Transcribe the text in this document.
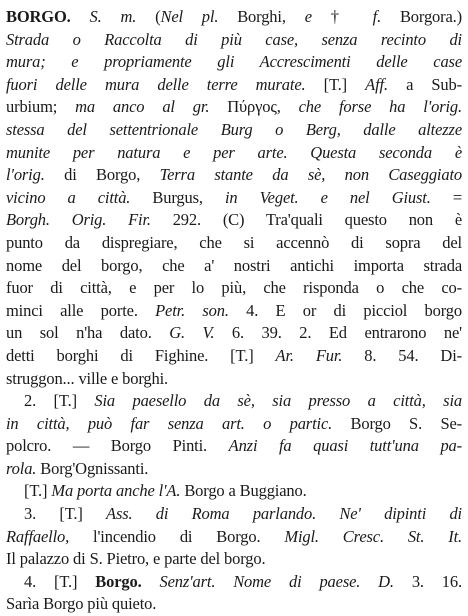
BORGO. S. m. (Nel pl. Borghi, e † f. Borgora.)
Strada o Raccolta di più case, senza recinto di
mura; e propriamente gli Accrescimenti delle case
fuori delle mura delle terre murate. [T.] Aff. a Sub-
urbium; ma anco al gr. Πύργος, che forse ha l'orig.
stessa del settentrionale Burg o Berg, dalle altezze
munite per natura e per arte. Questa seconda è
l'orig. di Borgo, Terra stante da sè, non Caseggiato
vicino a città. Burgus, in Veget. e nel Giust. =
Borgh. Orig. Fir. 292. (C) Tra'quali questo non è
punto da dispregiare, che si accennò di sopra del
nome del borgo, che a' nostri antichi importa strada
fuor di città, e per lo più, che risponda o che co-
minci alle porte. Petr. son. 4. E or di picciol borgo
un sol n'ha dato. G. V. 6. 39. 2. Ed entrarono ne'
detti borghi di Fighine. [T.] Ar. Fur. 8. 54. Di-
struggon... ville e borghi.
2. [T.] Sia paesello da sè, sia presso a città, sia
in città, può far senza art. o partic. Borgo S. Se-
polcro. — Borgo Pinti. Anzi fa quasi tutt'una pa-
rola. Borg'Ognissanti.
[T.] Ma porta anche l'A. Borgo a Buggiano.
3. [T.] Ass. di Roma parlando. Ne' dipinti di
Raffaello, l'incendio di Borgo. Migl. Cresc. St. It.
Il palazzo di S. Pietro, e parte del borgo.
4. [T.] Borgo. Senz'art. Nome di paese. D. 3. 16.
Sarìa Borgo più quieto.
